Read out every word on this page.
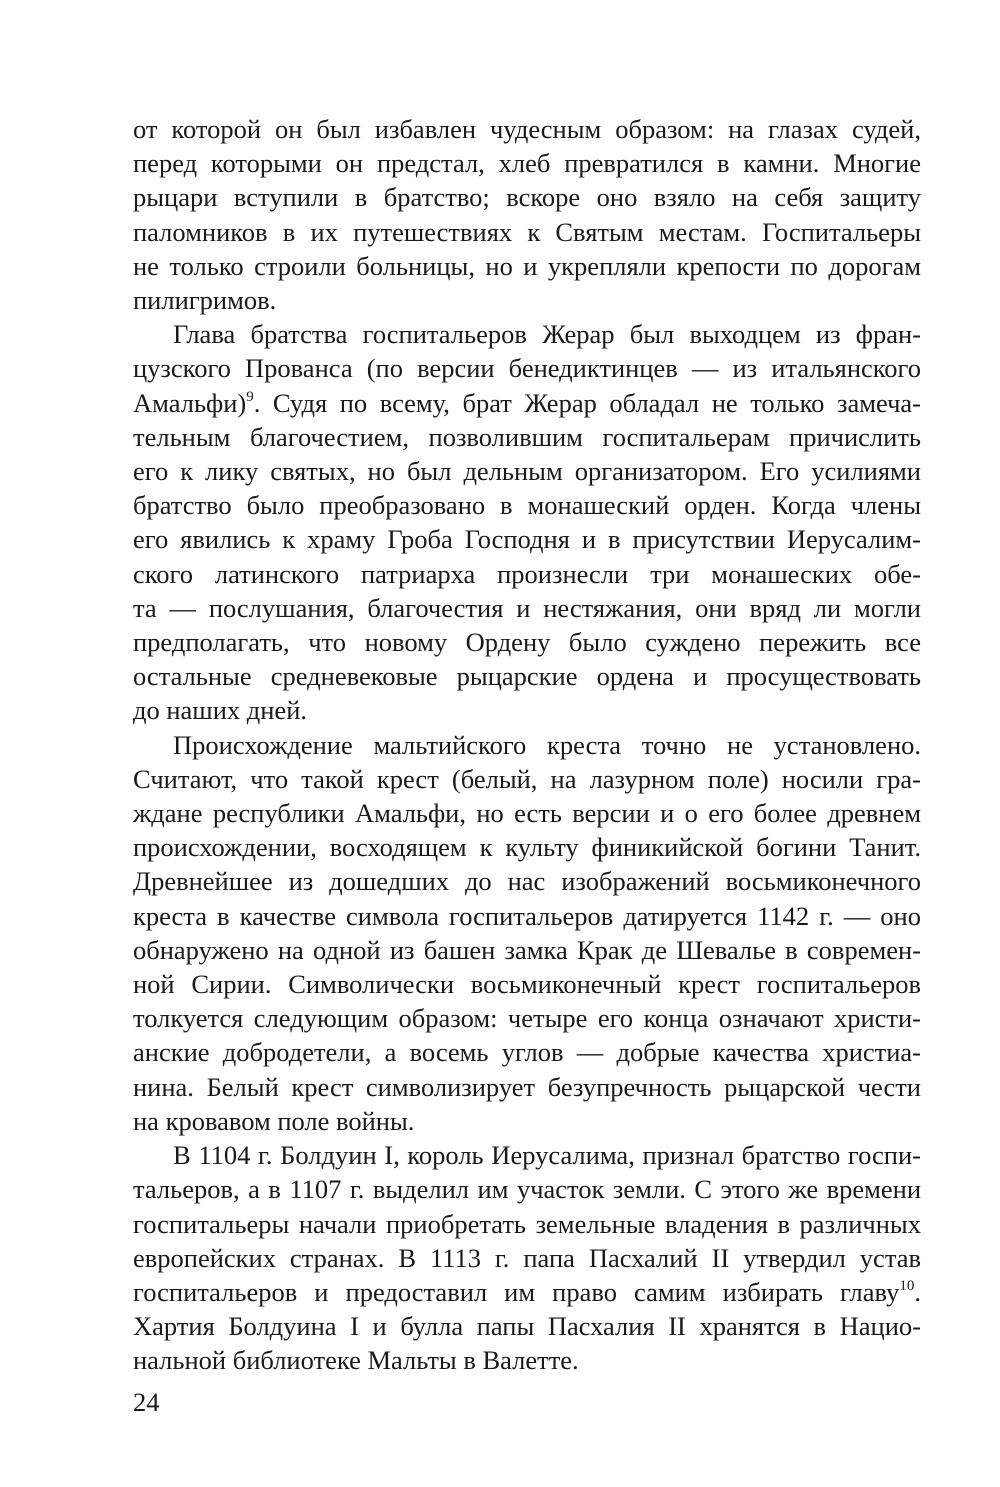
от которой он был избавлен чудесным образом: на глазах судей,
перед которыми он предстал, хлеб превратился в камни. Многие
рыцари вступили в братство; вскоре оно взяло на себя защиту
паломников в их путешествиях к Святым местам. Госпитальеры
не только строили больницы, но и укрепляли крепости по дорогам
пилигримов.
Глава братства госпитальеров Жерар был выходцем из фран-
цузского Прованса (по версии бенедиктинцев — из итальянского
Амальфи)$^9$. Судя по всему, брат Жерар обладал не только замеча-
тельным благочестием, позволившим госпитальерам причислить
его к лику святых, но был дельным организатором. Его усилиями
братство было преобразовано в монашеский орден. Когда члены
его явились к храму Гроба Господня и в присутствии Иерусалим-
ского латинского патриарха произнесли три монашеских обе-
та — послушания, благочестия и нестяжания, они вряд ли могли
предполагать, что новому Ордену было суждено пережить все
остальные средневековые рыцарские ордена и просуществовать
до наших дней.
Происхождение мальтийского креста точно не установлено.
Считают, что такой крест (белый, на лазурном поле) носили гра-
ждане республики Амальфи, но есть версии и о его более древнем
происхождении, восходящем к культу финикийской богини Танит.
Древнейшее из дошедших до нас изображений восьмиконечного
креста в качестве символа госпитальеров датируется 1142 г. — оно
обнаружено на одной из башен замка Крак де Шевалье в современ-
ной Сирии. Символически восьмиконечный крест госпитальеров
толкуется следующим образом: четыре его конца означают христи-
анские добродетели, а восемь углов — добрые качества христиа-
нина. Белый крест символизирует безупречность рыцарской чести
на кровавом поле войны.
В 1104 г. Болдуин I, король Иерусалима, признал братство госпи-
тальеров, а в 1107 г. выделил им участок земли. С этого же времени
госпитальеры начали приобретать земельные владения в различных
европейских странах. В 1113 г. папа Пасхалий II утвердил устав
госпитальеров и предоставил им право самим избирать главу$^{10}$.
Хартия Болдуина I и булла папы Пасхалия II хранятся в Нацио-
нальной библиотеке Мальты в Валетте.
24
